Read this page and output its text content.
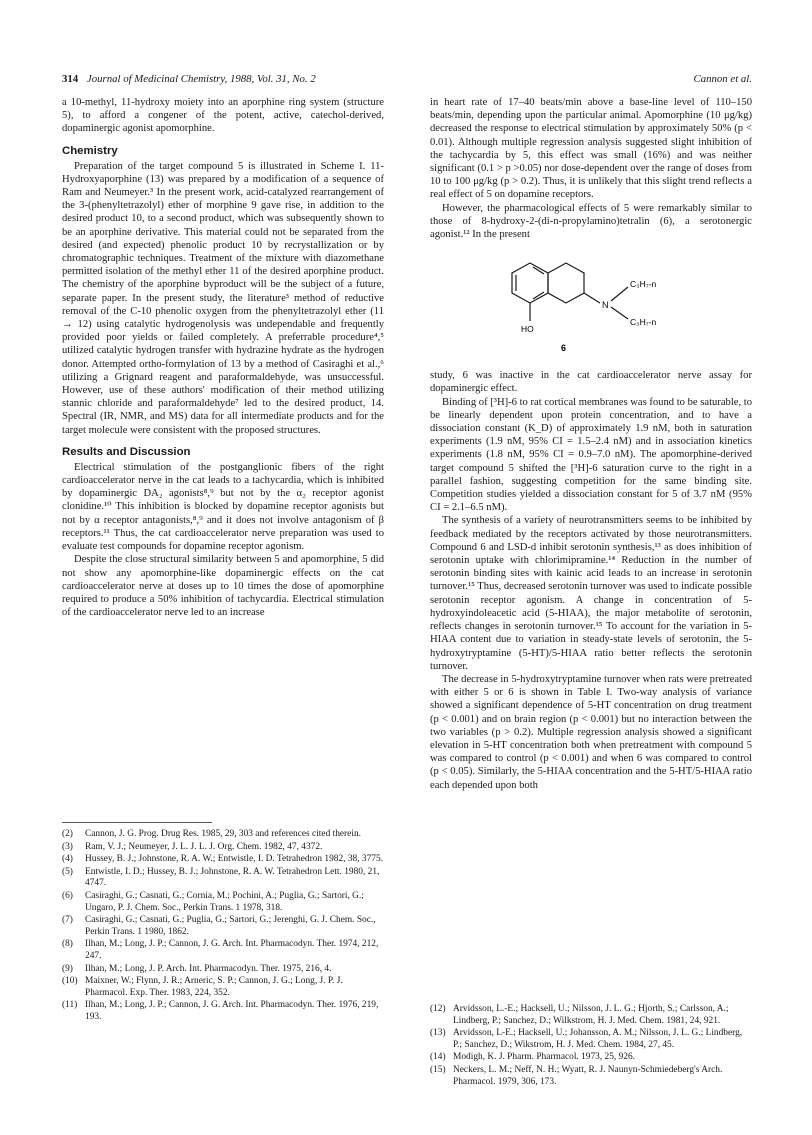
314 Journal of Medicinal Chemistry, 1988, Vol. 31, No. 2	Cannon et al.

a 10-methyl, 11-hydroxy moiety into an aporphine ring system (structure 5), to afford a congener of the potent, active, catechol-derived, dopaminergic agonist apomorphine.

Chemistry

Preparation of the target compound 5 is illustrated in Scheme I. 11-Hydroxyaporphine (13) was prepared by a modification of a sequence of Ram and Neumeyer.³ In the present work, acid-catalyzed rearrangement of the 3-(phenyltetrazolyl) ether of morphine 9 gave rise, in addition to the desired product 10, to a second product, which was subsequently shown to be an aporphine derivative. This material could not be separated from the desired (and expected) phenolic product 10 by recrystallization or by chromatographic techniques. Treatment of the mixture with diazomethane permitted isolation of the methyl ether 11 of the desired aporphine product. The chemistry of the aporphine byproduct will be the subject of a future, separate paper. In the present study, the literature³ method of reductive removal of the C-10 phenolic oxygen from the phenyltetrazolyl ether (11 → 12) using catalytic hydrogenolysis was undependable and frequently provided poor yields or failed completely. A preferrable procedure⁴,⁵ utilized catalytic hydrogen transfer with hydrazine hydrate as the hydrogen donor. Attempted ortho-formylation of 13 by a method of Casiraghi et al.,⁶ utilizing a Grignard reagent and paraformaldehyde, was unsuccessful. However, use of these authors' modification of their method utilizing stannic chloride and paraformaldehyde⁷ led to the desired product, 14. Spectral (IR, NMR, and MS) data for all intermediate products and for the target molecule were consistent with the proposed structures.

Results and Discussion

Electrical stimulation of the postganglionic fibers of the right cardioaccelerator nerve in the cat leads to a tachycardia, which is inhibited by dopaminergic DA₂ agonists⁸,⁹ but not by the α₂ receptor agonist clonidine.¹⁰ This inhibition is blocked by dopamine receptor agonists but not by α receptor antagonists,⁸,⁹ and it does not involve antagonism of β receptors.¹¹ Thus, the cat cardioaccelerator nerve preparation was used to evaluate test compounds for dopamine receptor agonism.

Despite the close structural similarity between 5 and apomorphine, 5 did not show any apomorphine-like dopaminergic effects on the cat cardioaccelerator nerve at doses up to 10 times the dose of apomorphine required to produce a 50% inhibition of tachycardia. Electrical stimulation of the cardioaccelerator nerve led to an increase

in heart rate of 17–40 beats/min above a base-line level of 110–150 beats/min, depending upon the particular animal. Apomorphine (10 μg/kg) decreased the response to electrical stimulation by approximately 50% (p < 0.01). Although multiple regression analysis suggested slight inhibition of the tachycardia by 5, this effect was small (16%) and was neither significant (0.1 > p >0.05) nor dose-dependent over the range of doses from 10 to 100 μg/kg (p > 0.2). Thus, it is unlikely that this slight trend reflects a real effect of 5 on dopamine receptors.

However, the pharmacological effects of 5 were remarkably similar to those of 8-hydroxy-2-(di-n-propylamino)tetralin (6), a serotonergic agonist.¹² In the present

N
C₃H₇-n
C₃H₇-n
HO
6

study, 6 was inactive in the cat cardioaccelerator nerve assay for dopaminergic effect.

Binding of [³H]-6 to rat cortical membranes was found to be saturable, to be linearly dependent upon protein concentration, and to have a dissociation constant (K_D) of approximately 1.9 nM, both in saturation experiments (1.9 nM, 95% CI = 1.5–2.4 nM) and in association kinetics experiments (1.8 nM, 95% CI = 0.9–7.0 nM). The apomorphine-derived target compound 5 shifted the [³H]-6 saturation curve to the right in a parallel fashion, suggesting competition for the same binding site. Competition studies yielded a dissociation constant for 5 of 3.7 nM (95% CI = 2.1–6.5 nM).

The synthesis of a variety of neurotransmitters seems to be inhibited by feedback mediated by the receptors activated by those neurotransmitters. Compound 6 and LSD-d inhibit serotonin synthesis,¹³ as does inhibition of serotonin uptake with chlorimipramine.¹⁴ Reduction in the number of serotonin binding sites with kainic acid leads to an increase in serotonin turnover.¹⁵ Thus, decreased serotonin turnover was used to indicate possible serotonin receptor agonism. A change in concentration of 5-hydroxyindoleacetic acid (5-HIAA), the major metabolite of serotonin, reflects changes in serotonin turnover.¹⁵ To account for the variation in 5-HIAA content due to variation in steady-state levels of serotonin, the 5-hydroxytryptamine (5-HT)/5-HIAA ratio better reflects the serotonin turnover.

The decrease in 5-hydroxytryptamine turnover when rats were pretreated with either 5 or 6 is shown in Table I. Two-way analysis of variance showed a significant dependence of 5-HT concentration on drug treatment (p < 0.001) and on brain region (p < 0.001) but no interaction between the two variables (p > 0.2). Multiple regression analysis showed a significant elevation in 5-HT concentration both when pretreatment with compound 5 was compared to control (p < 0.001) and when 6 was compared to control (p < 0.05). Similarly, the 5-HIAA concentration and the 5-HT/5-HIAA ratio each depended upon both

(2) Cannon, J. G. Prog. Drug Res. 1985, 29, 303 and references cited therein.

(3) Ram, V. J.; Neumeyer, J. L. J. L. J. Org. Chem. 1982, 47, 4372.

(4) Hussey, B. J.; Johnstone, R. A. W.; Entwistle, I. D. Tetrahedron 1982, 38, 3775.

(5) Entwistle, I. D.; Hussey, B. J.; Johnstone, R. A. W. Tetrahedron Lett. 1980, 21, 4747.

(6) Casiraghi, G.; Casnati, G.; Cornia, M.; Pochini, A.; Puglia, G.; Sartori, G.; Ungaro, P. J. Chem. Soc., Perkin Trans. 1 1978, 318.

(7) Casiraghi, G.; Casnati, G.; Puglia, G.; Sartori, G.; Jerenghi, G. J. Chem. Soc., Perkin Trans. 1 1980, 1862.

(8) Ilhan, M.; Long, J. P.; Cannon, J. G. Arch. Int. Pharmacodyn. Ther. 1974, 212, 247.

(9) Ilhan, M.; Long, J. P. Arch. Int. Pharmacodyn. Ther. 1975, 216, 4.

(10) Maixner, W.; Flynn, J. R.; Arneric, S. P.; Cannon, J. G.; Long, J. P. J. Pharmacol. Exp. Ther. 1983, 224, 352.

(11) Ilhan, M.; Long, J. P.; Cannon, J. G. Arch. Int. Pharmacodyn. Ther. 1976, 219, 193.

(12) Arvidsson, L.-E.; Hacksell, U.; Nilsson, J. L. G.; Hjorth, S.; Carlsson, A.; Lindberg, P.; Sanchez, D.; Wilkstrom, H. J. Med. Chem. 1981, 24, 921.

(13) Arvidsson, L-E.; Hacksell, U.; Johansson, A. M.; Nilsson, J. L. G.; Lindberg, P.; Sanchez, D.; Wikstrom, H. J. Med. Chem. 1984, 27, 45.

(14) Modigh, K. J. Pharm. Pharmacol. 1973, 25, 926.

(15) Neckers, L. M.; Neff, N. H.; Wyatt, R. J. Naunyn-Schmiedeberg's Arch. Pharmacol. 1979, 306, 173.
